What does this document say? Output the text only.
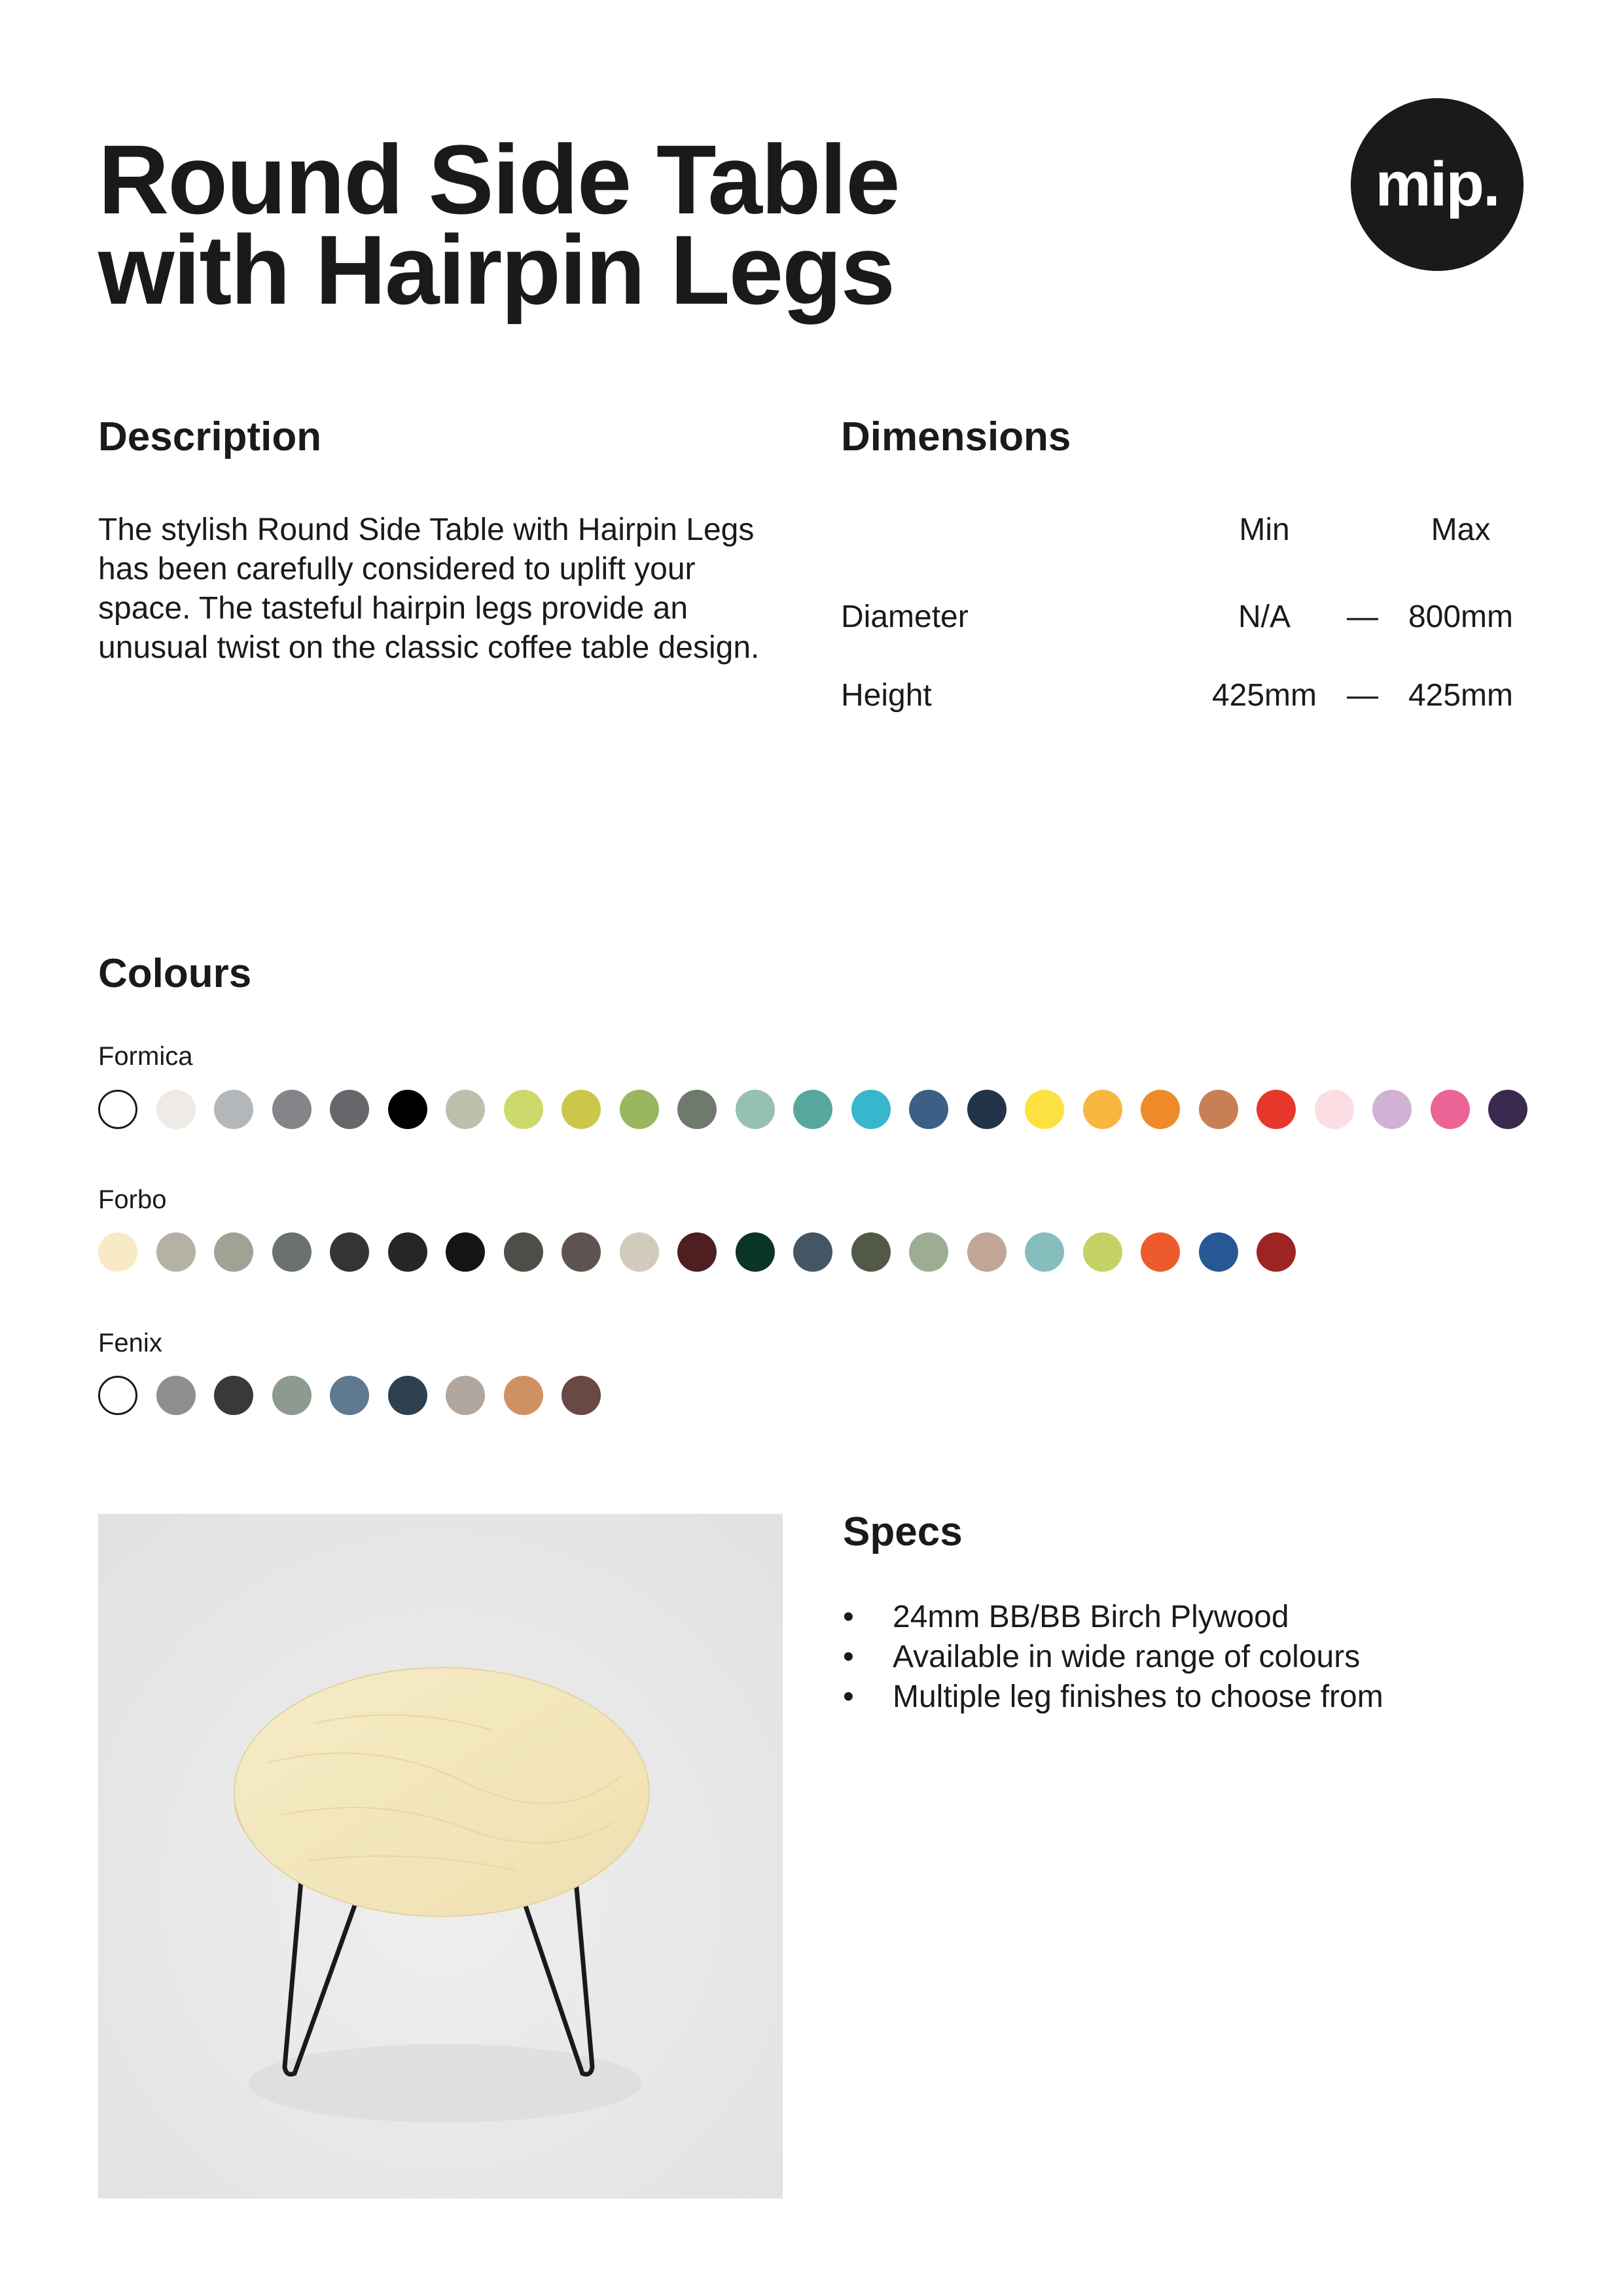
Round Side Table
with Hairpin Legs
mip.
Description
The stylish Round Side Table with Hairpin Legs has been carefully considered to uplift your space. The tasteful hairpin legs provide an unusual twist on the classic coffee table design.
Dimensions
Min	Max
Diameter	N/A	— 800mm
Height	425mm — 425mm
Colours
Formica
Forbo
Fenix
Specs
• 24mm BB/BB Birch Plywood
• Available in wide range of colours
• Multiple leg finishes to choose from
